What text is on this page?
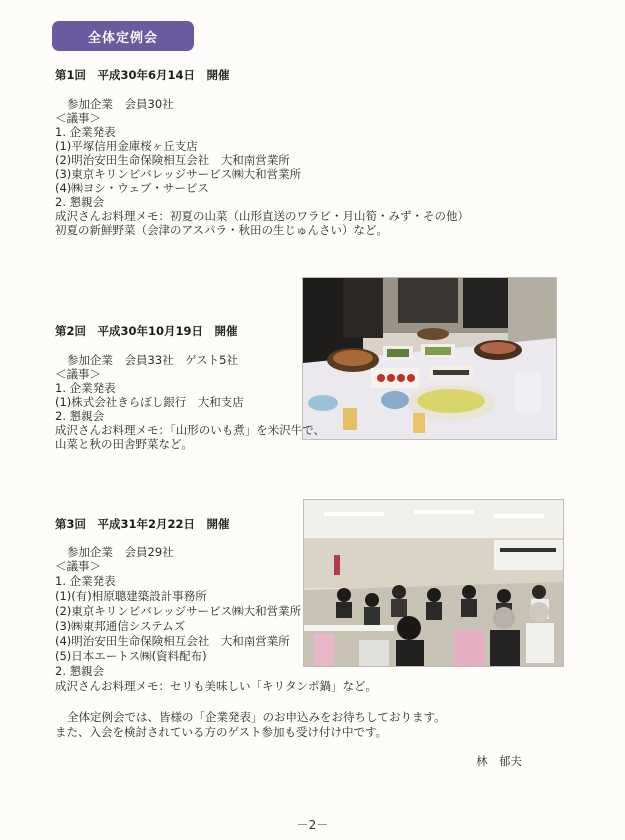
全体定例会
第1回　平成30年6月14日　開催
参加企業　会員30社
＜議事＞
1. 企業発表
(1)平塚信用金庫桜ヶ丘支店
(2)明治安田生命保険相互会社　大和南営業所
(3)東京キリンビバレッジサービス㈱大和営業所
(4)㈱ヨシ・ウェブ・サービス
2. 懇親会
成沢さんお料理メモ：初夏の山菜（山形直送のワラビ・月山筍・みず・その他）
初夏の新鮮野菜（会津のアスパラ・秋田の生じゅんさい）など。
第2回　平成30年10月19日　開催
参加企業　会員33社　ゲスト5社
＜議事＞
1. 企業発表
(1)株式会社きらぼし銀行　大和支店
2. 懇親会
成沢さんお料理メモ：「山形のいも煮」を米沢牛で、
山菜と秋の田舎野菜など。
第3回　平成31年2月22日　開催
参加企業　会員29社
＜議事＞
1. 企業発表
(1)(有)相原聰建築設計事務所
(2)東京キリンビバレッジサービス㈱大和営業所
(3)㈱東邦通信システムズ
(4)明治安田生命保険相互会社　大和南営業所
(5)日本エートス㈱(資料配布)
2. 懇親会
成沢さんお料理メモ：セリも美味しい「キリタンポ鍋」など。
全体定例会では、皆様の「企業発表」のお申込みをお待ちしております。
また、入会を検討されている方のゲスト参加も受け付け中です。
林　郁夫
－2－
